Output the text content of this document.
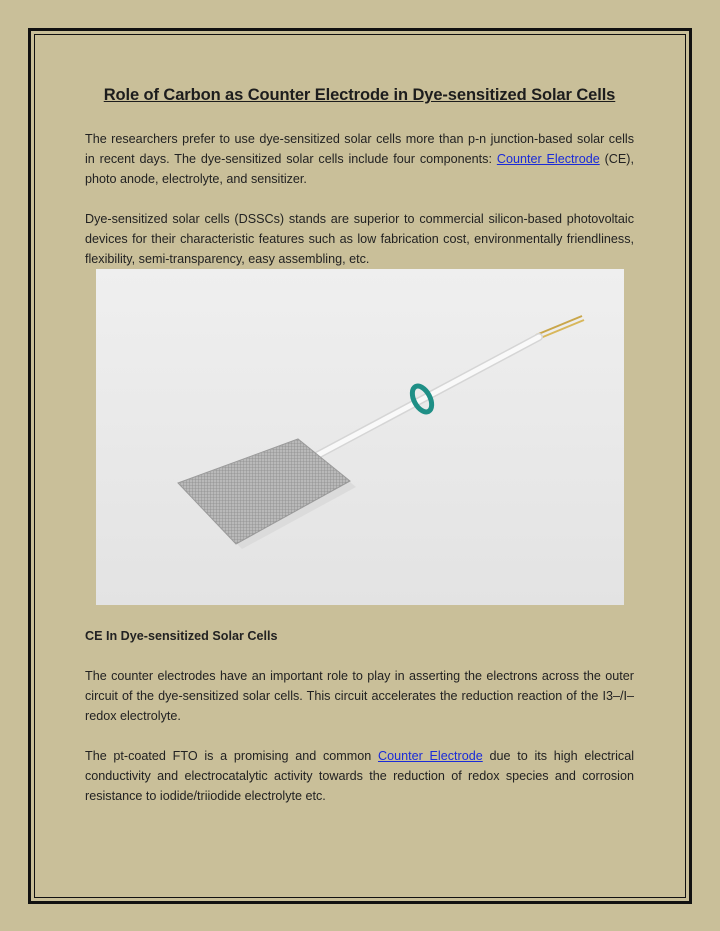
Role of Carbon as Counter Electrode in Dye-sensitized Solar Cells

The researchers prefer to use dye-sensitized solar cells more than p-n junction-based solar cells in recent days. The dye-sensitized solar cells include four components: Counter Electrode (CE), photo anode, electrolyte, and sensitizer.

Dye-sensitized solar cells (DSSCs) stands are superior to commercial silicon-based photovoltaic devices for their characteristic features such as low fabrication cost, environmentally friendliness, flexibility, semi-transparency, easy assembling, etc.

CE In Dye-sensitized Solar Cells

The counter electrodes have an important role to play in asserting the electrons across the outer circuit of the dye-sensitized solar cells. This circuit accelerates the reduction reaction of the I3–/I– redox electrolyte.

The pt-coated FTO is a promising and common Counter Electrode due to its high electrical conductivity and electrocatalytic activity towards the reduction of redox species and corrosion resistance to iodide/triiodide electrolyte etc.
